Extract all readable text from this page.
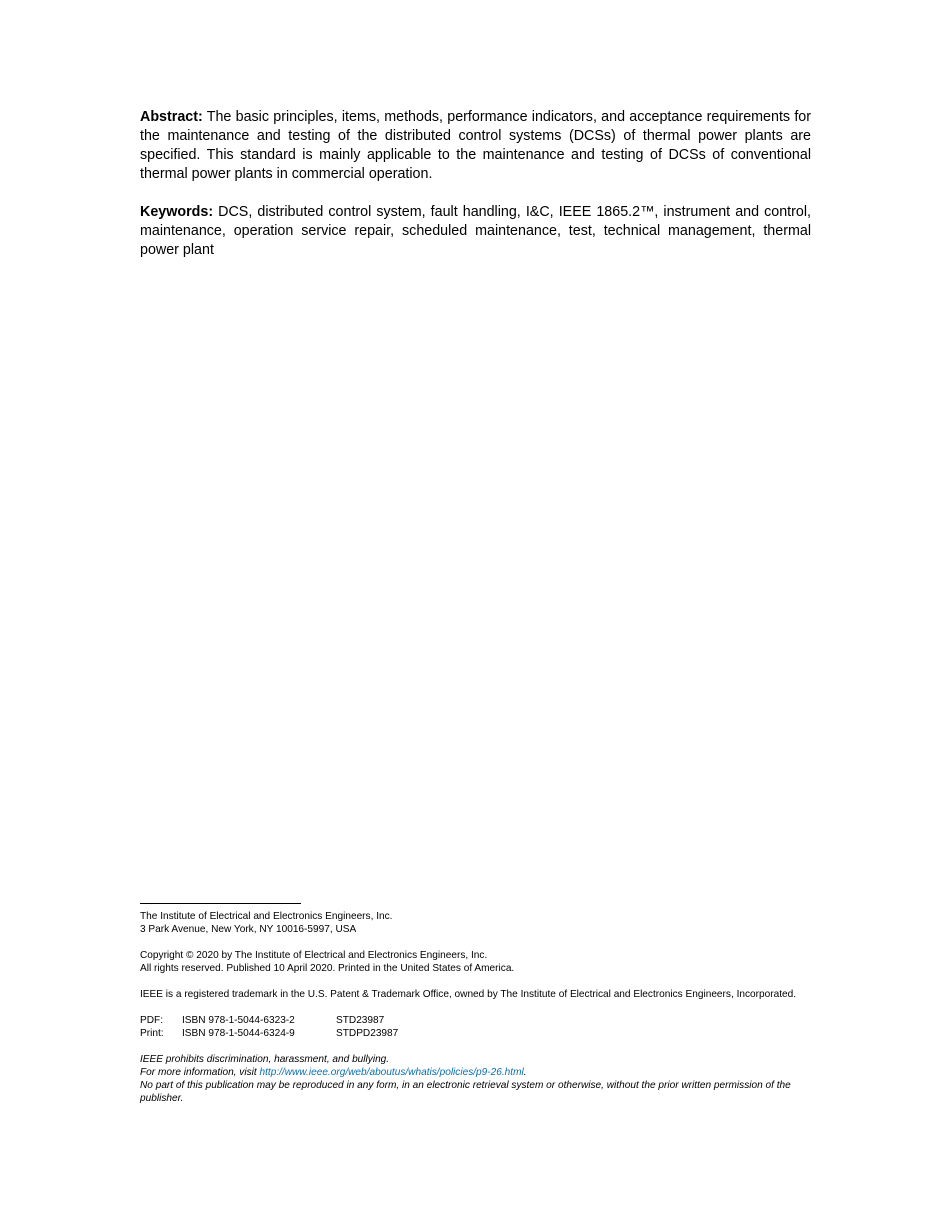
Abstract: The basic principles, items, methods, performance indicators, and acceptance requirements for the maintenance and testing of the distributed control systems (DCSs) of thermal power plants are specified. This standard is mainly applicable to the maintenance and testing of DCSs of conventional thermal power plants in commercial operation.

Keywords: DCS, distributed control system, fault handling, I&C, IEEE 1865.2™, instrument and control, maintenance, operation service repair, scheduled maintenance, test, technical management, thermal power plant

The Institute of Electrical and Electronics Engineers, Inc.

3 Park Avenue, New York, NY 10016-5997, USA

Copyright © 2020 by The Institute of Electrical and Electronics Engineers, Inc.

All rights reserved. Published 10 April 2020. Printed in the United States of America.

IEEE is a registered trademark in the U.S. Patent & Trademark Office, owned by The Institute of Electrical and Electronics Engineers, Incorporated.

PDF:	ISBN 978-1-5044-6323-2	STD23987
Print:	ISBN 978-1-5044-6324-9	STDPD23987

IEEE prohibits discrimination, harassment, and bullying.

For more information, visit http://www.ieee.org/web/aboutus/whatis/policies/p9-26.html.

No part of this publication may be reproduced in any form, in an electronic retrieval system or otherwise, without the prior written permission of the publisher.
